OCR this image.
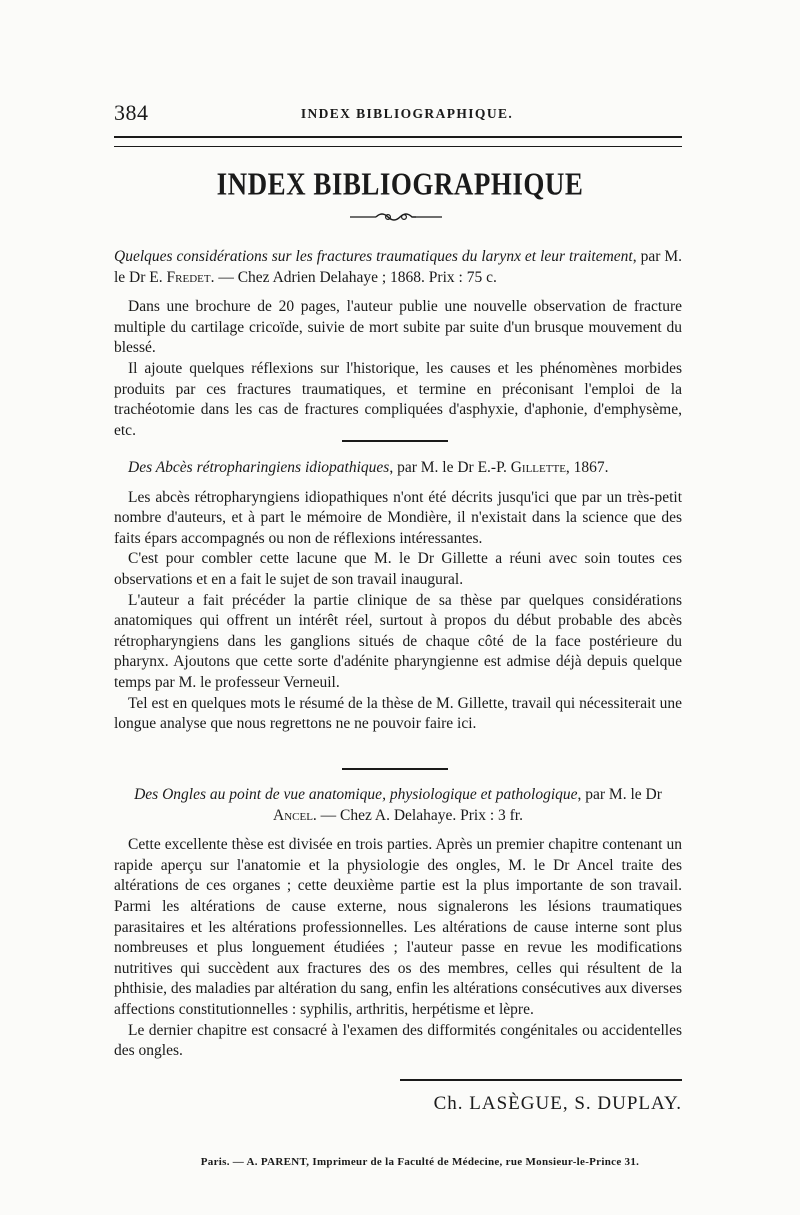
384	INDEX BIBLIOGRAPHIQUE.
INDEX BIBLIOGRAPHIQUE

Quelques considérations sur les fractures traumatiques du larynx et leur traitement, par M. le Dr E. Fredet. — Chez Adrien Delahaye ; 1868. Prix : 75 c.

Dans une brochure de 20 pages, l'auteur publie une nouvelle observation de fracture multiple du cartilage cricoïde, suivie de mort subite par suite d'un brusque mouvement du blessé.

Il ajoute quelques réflexions sur l'historique, les causes et les phénomènes morbides produits par ces fractures traumatiques, et termine en préconisant l'emploi de la trachéotomie dans les cas de fractures compliquées d'asphyxie, d'aphonie, d'emphysème, etc.

Des Abcès rétropharingiens idiopathiques, par M. le Dr E.-P. Gillette, 1867.

Les abcès rétropharyngiens idiopathiques n'ont été décrits jusqu'ici que par un très-petit nombre d'auteurs, et à part le mémoire de Mondière, il n'existait dans la science que des faits épars accompagnés ou non de réflexions intéressantes.

C'est pour combler cette lacune que M. le Dr Gillette a réuni avec soin toutes ces observations et en a fait le sujet de son travail inaugural.

L'auteur a fait précéder la partie clinique de sa thèse par quelques considérations anatomiques qui offrent un intérêt réel, surtout à propos du début probable des abcès rétropharyngiens dans les ganglions situés de chaque côté de la face postérieure du pharynx. Ajoutons que cette sorte d'adénite pharyngienne est admise déjà depuis quelque temps par M. le professeur Verneuil.

Tel est en quelques mots le résumé de la thèse de M. Gillette, travail qui nécessiterait une longue analyse que nous regrettons ne ne pouvoir faire ici.

Des Ongles au point de vue anatomique, physiologique et pathologique, par M. le Dr Ancel. — Chez A. Delahaye. Prix : 3 fr.

Cette excellente thèse est divisée en trois parties. Après un premier chapitre contenant un rapide aperçu sur l'anatomie et la physiologie des ongles, M. le Dr Ancel traite des altérations de ces organes ; cette deuxième partie est la plus importante de son travail. Parmi les altérations de cause externe, nous signalerons les lésions traumatiques parasitaires et les altérations professionnelles. Les altérations de cause interne sont plus nombreuses et plus longuement étudiées ; l'auteur passe en revue les modifications nutritives qui succèdent aux fractures des os des membres, celles qui résultent de la phthisie, des maladies par altération du sang, enfin les altérations consécutives aux diverses affections constitutionnelles : syphilis, arthritis, herpétisme et lèpre.

Le dernier chapitre est consacré à l'examen des difformités congénitales ou accidentelles des ongles.

Ch. LASÈGUE, S. DUPLAY.
Paris. — A. PARENT, Imprimeur de la Faculté de Médecine, rue Monsieur-le-Prince 31.
